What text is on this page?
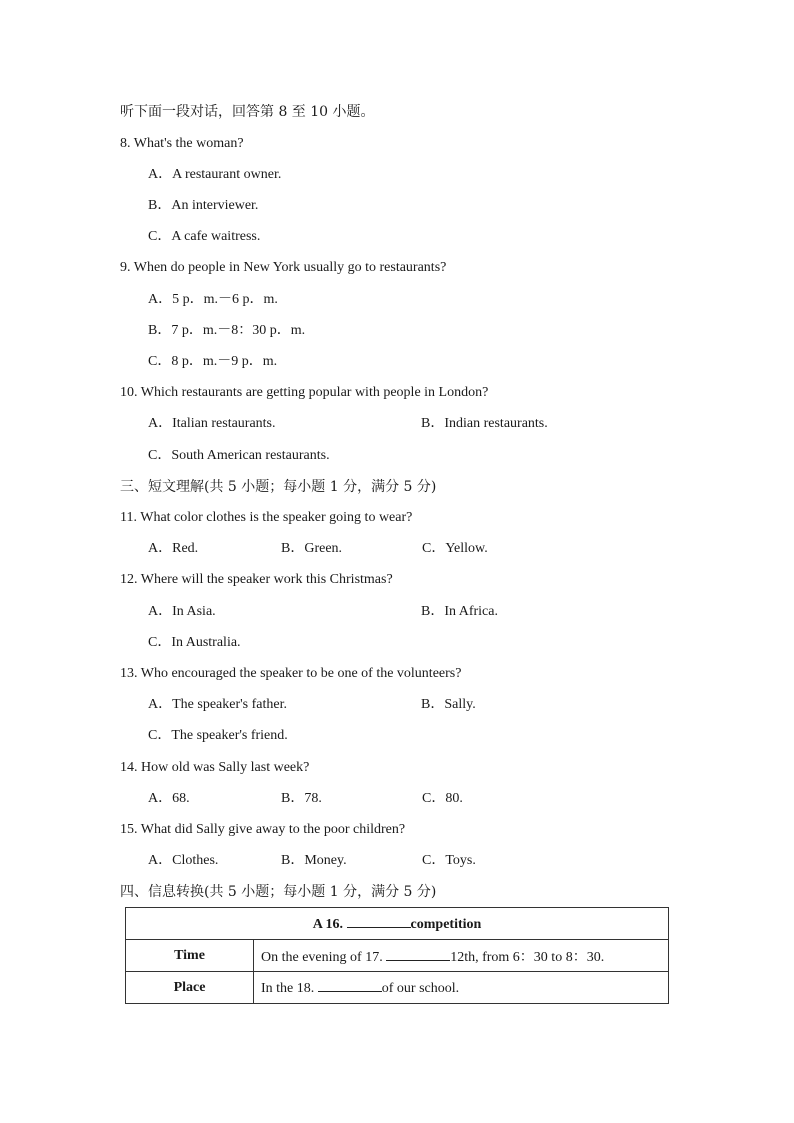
听下面一段对话，回答第 8 至 10 小题。
8. What's the woman?
A．A restaurant owner.
B．An interviewer.
C．A cafe waitress.
9. When do people in New York usually go to restaurants?
A．5 p．m.－6 p．m.
B．7 p．m.－8：30 p．m.
C．8 p．m.－9 p．m.
10. Which restaurants are getting popular with people in London?
A．Italian restaurants.	B．Indian restaurants.
C．South American restaurants.
三、短文理解(共 5 小题；每小题 1 分，满分 5 分)
11. What color clothes is the speaker going to wear?
A．Red.	B．Green.	C．Yellow.
12. Where will the speaker work this Christmas?
A．In Asia.	B．In Africa.
C．In Australia.
13. Who encouraged the speaker to be one of the volunteers?
A．The speaker's father.	B．Sally.
C．The speaker's friend.
14. How old was Sally last week?
A．68.	B．78.	C．80.
15. What did Sally give away to the poor children?
A．Clothes.	B．Money.	C．Toys.
四、信息转换(共 5 小题；每小题 1 分，满分 5 分)
A 16. competition	
Time	On the evening of 17. 12th, from 6：30 to 8：30.
Place	In the 18. of our school.
